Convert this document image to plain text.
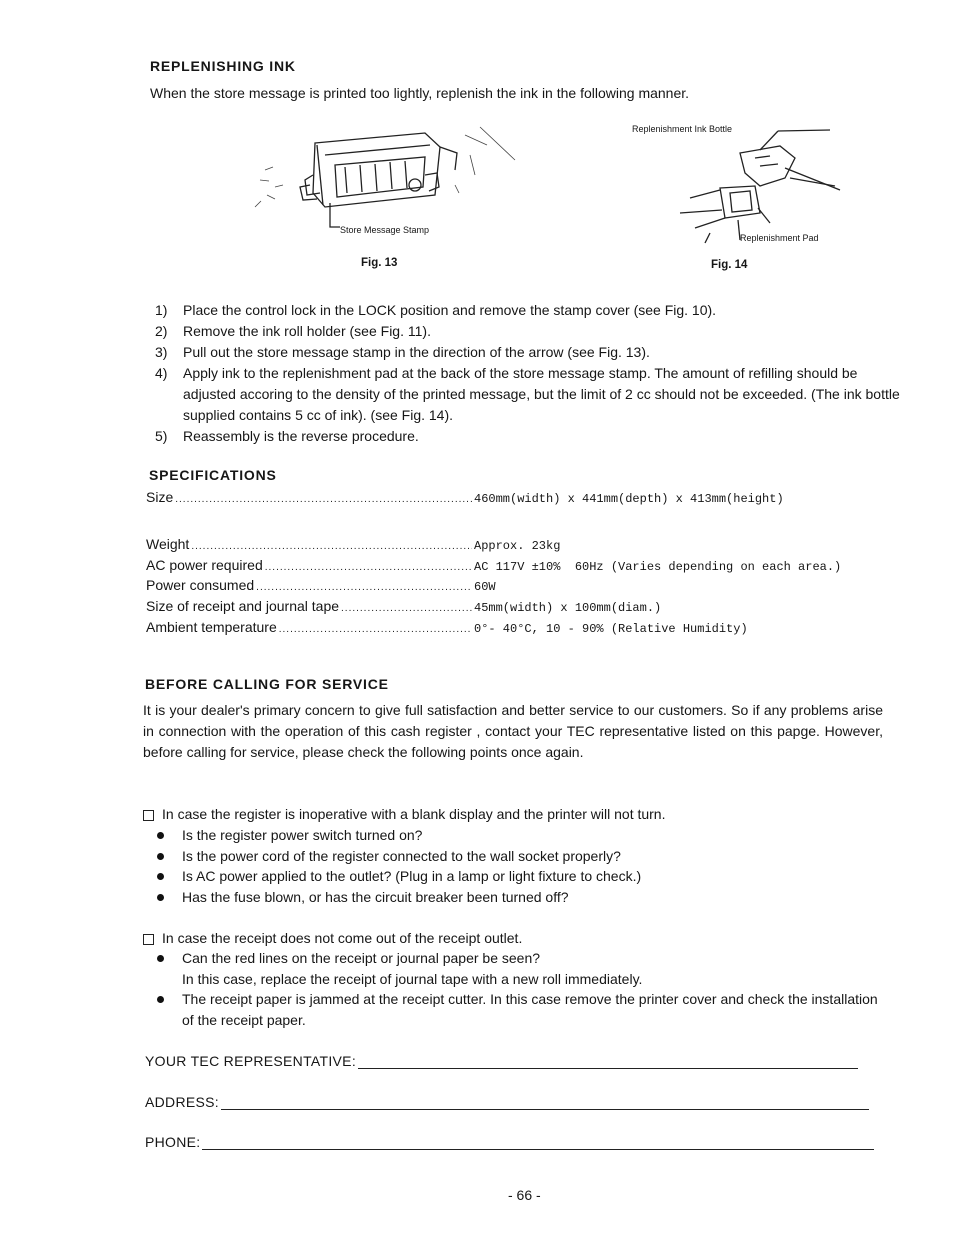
REPLENISHING INK
When the store message is printed too lightly, replenish the ink in the following manner.
Store Message Stamp
Fig. 13
Replenishment Ink Bottle
Replenishment Pad
Fig. 14
1)	Place the control lock in the LOCK position and remove the stamp cover (see Fig. 10).
2)	Remove the ink roll holder (see Fig. 11).
3)	Pull out the store message stamp in the direction of the arrow (see Fig. 13).
4)	Apply ink to the replenishment pad at the back of the store message stamp. The amount of refilling should be adjusted accoring to the density of the printed message, but the limit of 2 cc should not be exceeded. (The ink bottle supplied contains 5 cc of ink). (see Fig. 14).
5)	Reassembly is the reverse procedure.
SPECIFICATIONS
Size .....	460mm(width) x 441mm(depth) x 413mm(height)
Weight .....	Approx. 23kg
AC power required .....	AC 117V ±10%  60Hz (Varies depending on each area.)
Power consumed .....	60W
Size of receipt and journal tape .....	45mm(width) x 100mm(diam.)
Ambient temperature .....	0°- 40°C, 10 - 90% (Relative Humidity)
BEFORE CALLING FOR SERVICE
It is your dealer's primary concern to give full satisfaction and better service to our customers. So if any problems arise in connection with the operation of this cash register , contact your TEC representative listed on this papge. However, before calling for service, please check the following points once again.
In case the register is inoperative with a blank display and the printer will not turn.
Is the register power switch turned on?
Is the power cord of the register connected to the wall socket properly?
Is AC power applied to the outlet? (Plug in a lamp or light fixture to check.)
Has the fuse blown, or has the circuit breaker been turned off?
In case the receipt does not come out of the receipt outlet.
Can the red lines on the receipt or journal paper be seen?
In this case, replace the receipt of journal tape with a new roll immediately.
The receipt paper is jammed at the receipt cutter. In this case remove the printer cover and check the installation of the receipt paper.
YOUR TEC REPRESENTATIVE:
ADDRESS:
PHONE:
- 66 -
